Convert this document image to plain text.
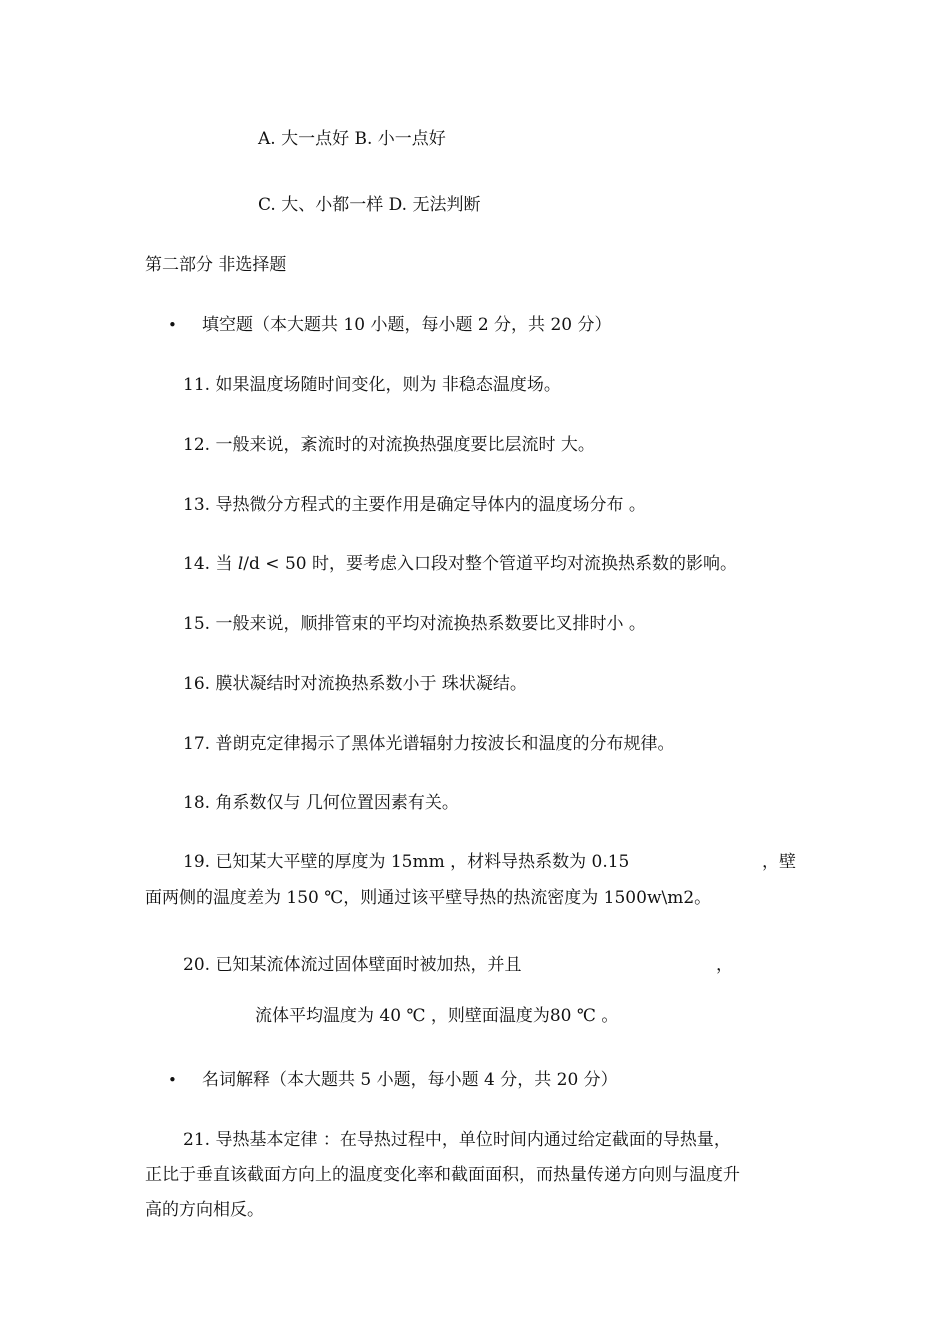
A. 大一点好 B. 小一点好
C. 大、小都一样 D. 无法判断
第二部分 非选择题
• 填空题（本大题共 10 小题，每小题 2 分，共 20 分）
11. 如果温度场随时间变化，则为 非稳态温度场。
12. 一般来说，紊流时的对流换热强度要比层流时 大。
13. 导热微分方程式的主要作用是确定导体内的温度场分布 。
14. 当 l/d < 50 时，要考虑入口段对整个管道平均对流换热系数的影响。
15. 一般来说，顺排管束的平均对流换热系数要比叉排时小 。
16. 膜状凝结时对流换热系数小于 珠状凝结。
17. 普朗克定律揭示了黑体光谱辐射力按波长和温度的分布规律。
18. 角系数仅与 几何位置因素有关。
19. 已知某大平壁的厚度为 15mm ，材料导热系数为 0.15	，壁
面两侧的温度差为 150 ℃，则通过该平壁导热的热流密度为 1500w\m2。
20. 已知某流体流过固体壁面时被加热，并且	，
流体平均温度为 40 ℃ ，则壁面温度为80 ℃ 。
• 名词解释（本大题共 5 小题，每小题 4 分，共 20 分）
21. 导热基本定律 ：在导热过程中，单位时间内通过给定截面的导热量，
正比于垂直该截面方向上的温度变化率和截面面积，而热量传递方向则与温度升
高的方向相反。
